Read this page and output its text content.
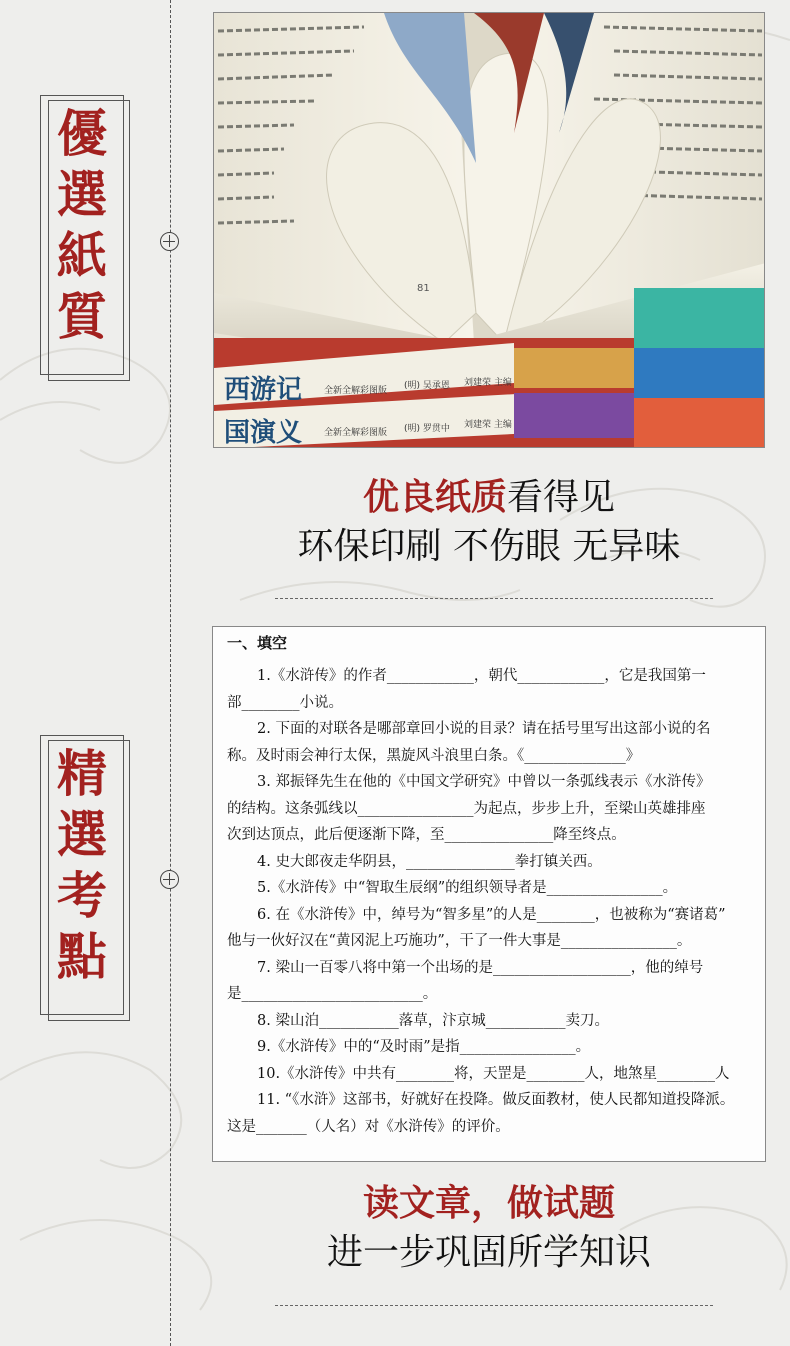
優
選
紙
質
精
選
考
點
81
西游记 全新全解彩图版 (明) 吴承恩 刘建荣 主编
国演义 全新全解彩图版 (明) 罗贯中 刘建荣 主编
优良纸质看得见
环保印刷 不伤眼 无异味
一、填空
1.《水浒传》的作者____________，朝代____________，它是我国第一
部________小说。
2. 下面的对联各是哪部章回小说的目录？请在括号里写出这部小说的名
称。及时雨会神行太保，黑旋风斗浪里白条。《______________》
3. 郑振铎先生在他的《中国文学研究》中曾以一条弧线表示《水浒传》
的结构。这条弧线以________________为起点，步步上升，至梁山英雄排座
次到达顶点，此后便逐渐下降，至_______________降至终点。
4. 史大郎夜走华阴县，_______________拳打镇关西。
5.《水浒传》中“智取生辰纲”的组织领导者是________________。
6. 在《水浒传》中，绰号为“智多星”的人是________，也被称为“赛诸葛”
他与一伙好汉在“黄冈泥上巧施功”，干了一件大事是________________。
7. 梁山一百零八将中第一个出场的是___________________，他的绰号
是_________________________。
8. 梁山泊___________落草，汴京城___________卖刀。
9.《水浒传》中的“及时雨”是指________________。
10.《水浒传》中共有________将，天罡是________人，地煞星________人
11. “《水浒》这部书，好就好在投降。做反面教材，使人民都知道投降派。
这是_______（人名）对《水浒传》的评价。
读文章，做试题
进一步巩固所学知识
